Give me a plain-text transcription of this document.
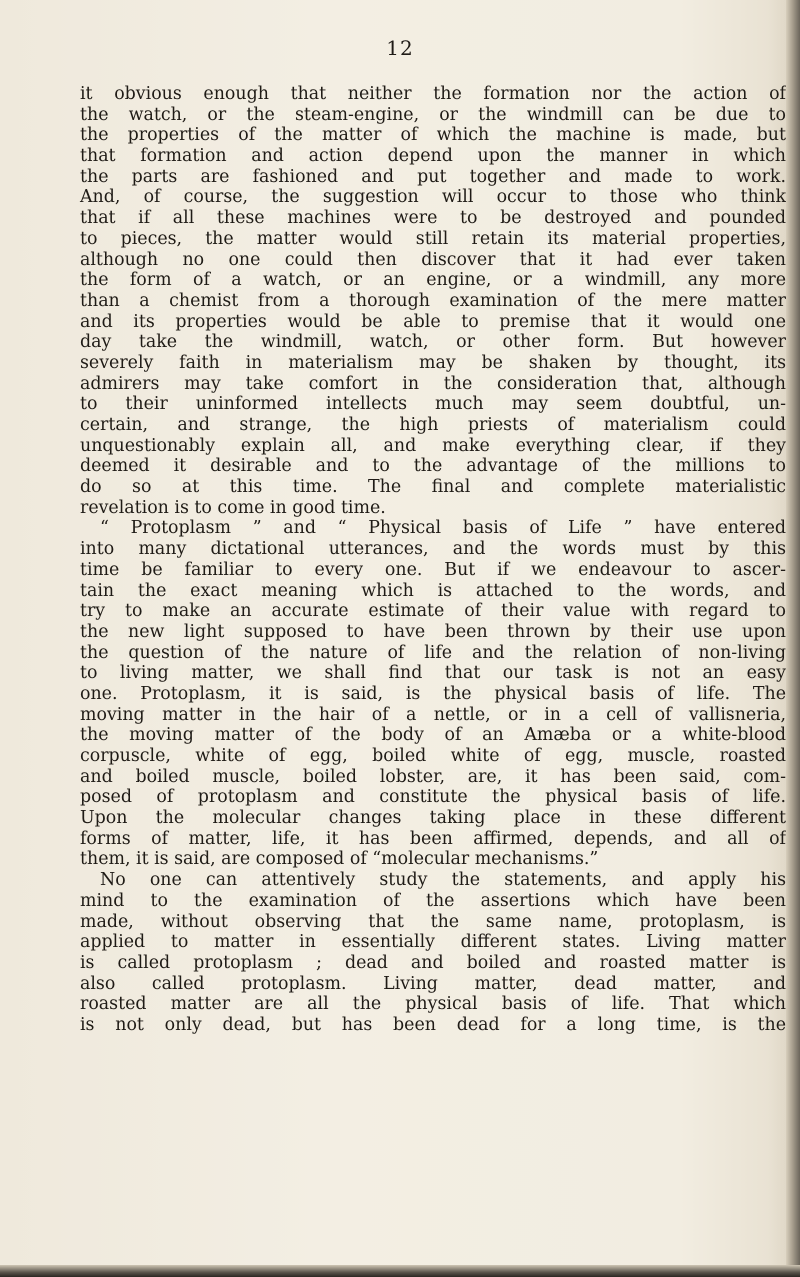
12
it obvious enough that neither the formation nor the action of
the watch, or the steam-engine, or the windmill can be due to
the properties of the matter of which the machine is made, but
that formation and action depend upon the manner in which
the parts are fashioned and put together and made to work.
And, of course, the suggestion will occur to those who think
that if all these machines were to be destroyed and pounded
to pieces, the matter would still retain its material properties,
although no one could then discover that it had ever taken
the form of a watch, or an engine, or a windmill, any more
than a chemist from a thorough examination of the mere matter
and its properties would be able to premise that it would one
day take the windmill, watch, or other form. But however
severely faith in materialism may be shaken by thought, its
admirers may take comfort in the consideration that, although
to their uninformed intellects much may seem doubtful, un-
certain, and strange, the high priests of materialism could
unquestionably explain all, and make everything clear, if they
deemed it desirable and to the advantage of the millions to
do so at this time. The final and complete materialistic
revelation is to come in good time.
“ Protoplasm ” and “ Physical basis of Life ” have entered
into many dictational utterances, and the words must by this
time be familiar to every one. But if we endeavour to ascer-
tain the exact meaning which is attached to the words, and
try to make an accurate estimate of their value with regard to
the new light supposed to have been thrown by their use upon
the question of the nature of life and the relation of non-living
to living matter, we shall find that our task is not an easy
one. Protoplasm, it is said, is the physical basis of life. The
moving matter in the hair of a nettle, or in a cell of vallisneria,
the moving matter of the body of an Amæba or a white-blood
corpuscle, white of egg, boiled white of egg, muscle, roasted
and boiled muscle, boiled lobster, are, it has been said, com-
posed of protoplasm and constitute the physical basis of life.
Upon the molecular changes taking place in these different
forms of matter, life, it has been affirmed, depends, and all of
them, it is said, are composed of “molecular mechanisms.”
No one can attentively study the statements, and apply his
mind to the examination of the assertions which have been
made, without observing that the same name, protoplasm, is
applied to matter in essentially different states. Living matter
is called protoplasm ; dead and boiled and roasted matter is
also called protoplasm. Living matter, dead matter, and
roasted matter are all the physical basis of life. That which
is not only dead, but has been dead for a long time, is the
